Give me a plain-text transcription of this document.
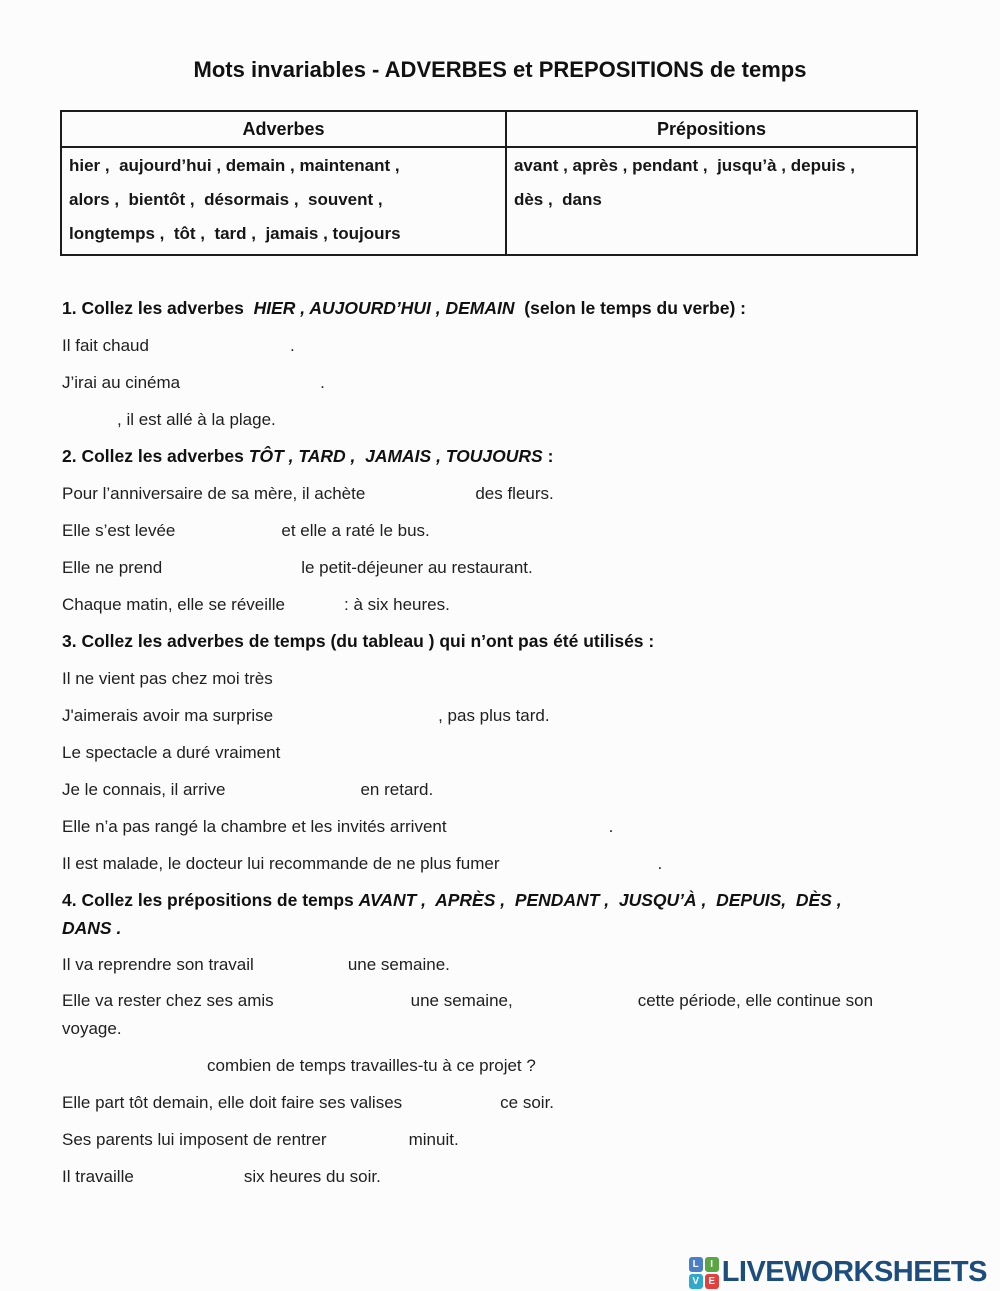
Mots invariables - ADVERBES et PREPOSITIONS de temps
Adverbes	Prépositions

hier ,  aujourd’hui , demain , maintenant ,
alors ,  bientôt ,  désormais ,  souvent ,
longtemps ,  tôt ,  tard ,  jamais , toujours

avant , après , pendant ,  jusqu’à , depuis ,
dès ,  dans

1. Collez les adverbes  HIER , AUJOURD’HUI , DEMAIN  (selon le temps du verbe) :

Il fait chaud	.

J’irai au cinéma	.

, il est allé à la plage.

2. Collez les adverbes TÔT , TARD ,  JAMAIS , TOUJOURS :

Pour l’anniversaire de sa mère, il achète	des fleurs.

Elle s’est levée	et elle a raté le bus.

Elle ne prend	le petit-déjeuner au restaurant.

Chaque matin, elle se réveille	: à six heures.

3. Collez les adverbes de temps (du tableau ) qui n’ont pas été utilisés :

Il ne vient pas chez moi très

J'aimerais avoir ma surprise	, pas plus tard.

Le spectacle a duré vraiment

Je le connais, il arrive	en retard.

Elle n’a pas rangé la chambre et les invités arrivent	.

Il est malade, le docteur lui recommande de ne plus fumer	.

4. Collez les prépositions de temps AVANT ,  APRÈS ,  PENDANT ,  JUSQU’À ,  DEPUIS,  DÈS ,
DANS .

Il va reprendre son travail	une semaine.

Elle va rester chez ses amis	une semaine,	cette période, elle continue son
voyage.

combien de temps travailles-tu à ce projet ?

Elle part tôt demain, elle doit faire ses valises	ce soir.

Ses parents lui imposent de rentrer	minuit.

Il travaille	six heures du soir.

L	I
V E LIVEWORKSHEETS
